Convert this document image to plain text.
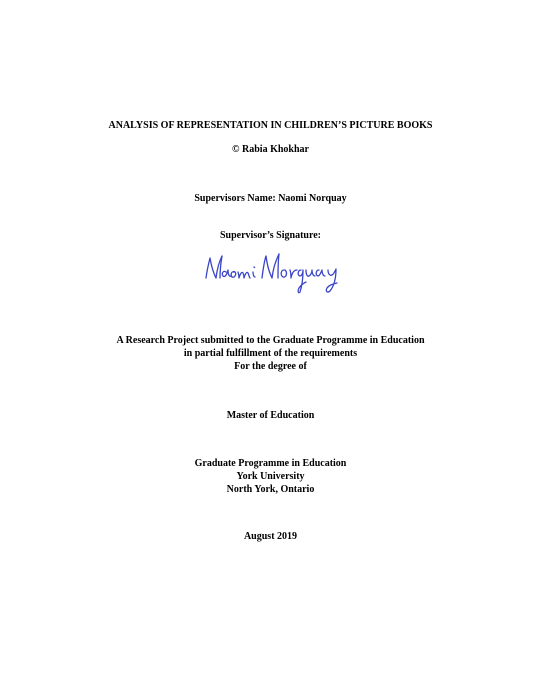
ANALYSIS OF REPRESENTATION IN CHILDREN’S PICTURE BOOKS
© Rabia Khokhar
Supervisors Name: Naomi Norquay
Supervisor’s Signature:
A Research Project submitted to the Graduate Programme in Education
in partial fulfillment of the requirements
For the degree of
Master of Education
Graduate Programme in Education
York University
North York, Ontario
August 2019
